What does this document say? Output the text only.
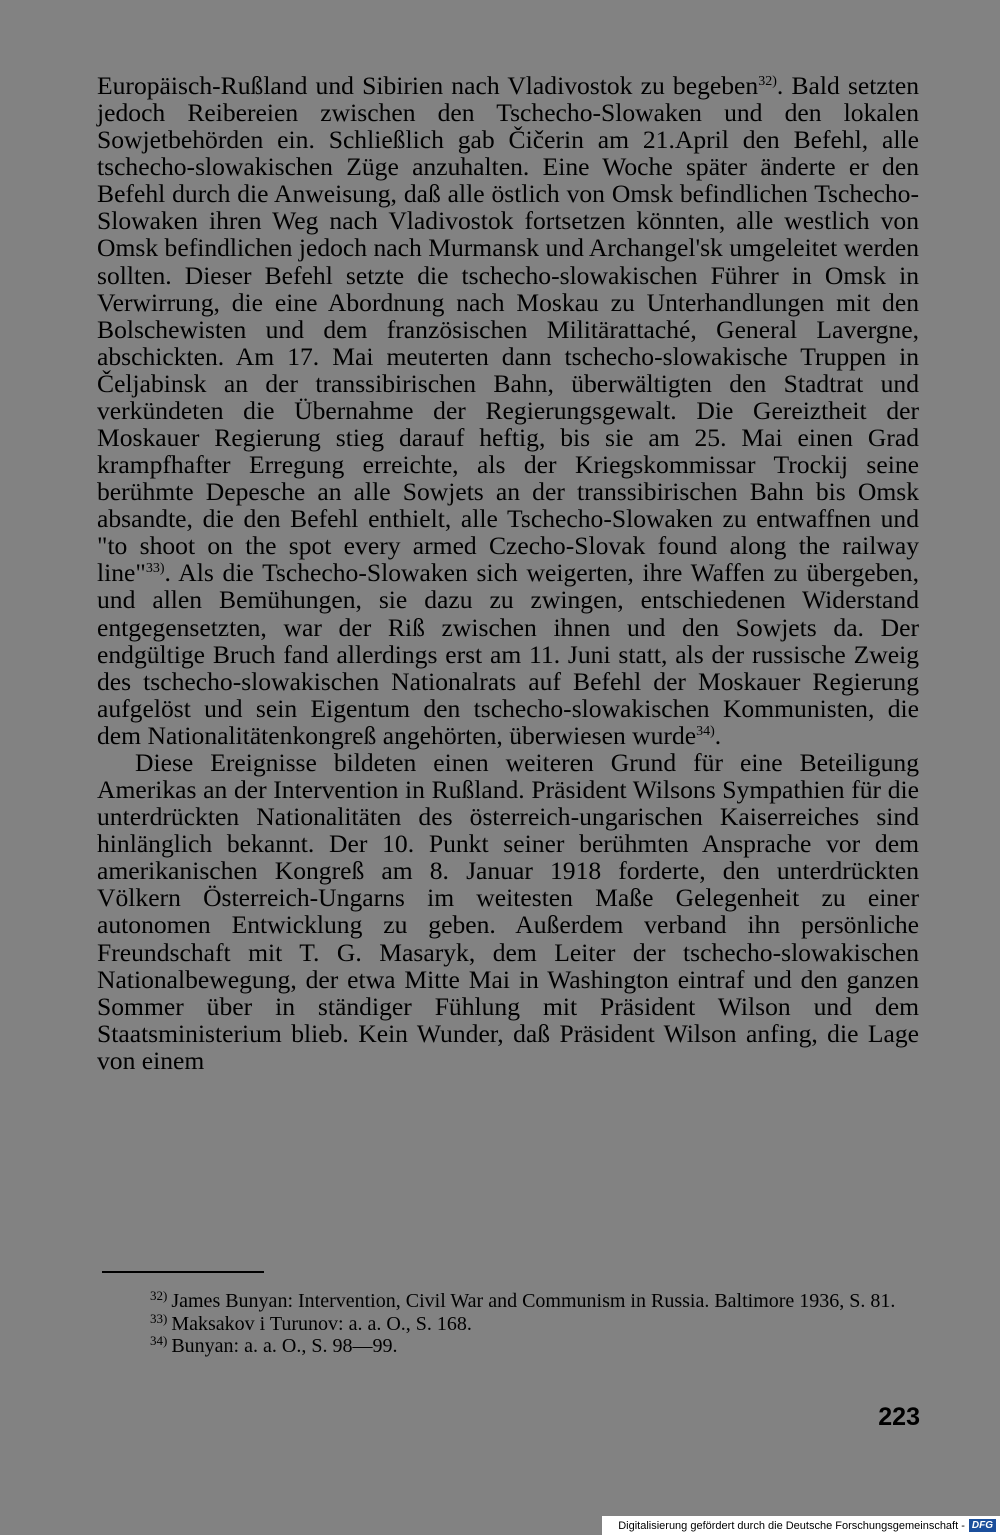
Europäisch-Rußland und Sibirien nach Vladivostok zu begeben$^{32)}$. Bald setzten jedoch Reibereien zwischen den Tschecho-Slowaken und den lokalen Sowjetbehörden ein. Schließlich gab Čičerin am 21.April den Befehl, alle tschecho-slowakischen Züge anzuhalten. Eine Woche später änderte er den Befehl durch die Anweisung, daß alle östlich von Omsk befindlichen Tschecho-Slowaken ihren Weg nach Vladivostok fortsetzen könnten, alle westlich von Omsk befindlichen jedoch nach Murmansk und Archangel'sk umgeleitet werden sollten. Dieser Befehl setzte die tschecho-slowakischen Führer in Omsk in Verwirrung, die eine Abordnung nach Moskau zu Unterhandlungen mit den Bolschewisten und dem französischen Militärattaché, General Lavergne, abschickten. Am 17. Mai meuterten dann tschecho-slowakische Truppen in Čeljabinsk an der transsibirischen Bahn, überwältigten den Stadtrat und verkündeten die Übernahme der Regierungsgewalt. Die Gereiztheit der Moskauer Regierung stieg darauf heftig, bis sie am 25. Mai einen Grad krampfhafter Erregung erreichte, als der Kriegskommissar Trockij seine berühmte Depesche an alle Sowjets an der transsibirischen Bahn bis Omsk absandte, die den Befehl enthielt, alle Tschecho-Slowaken zu entwaffnen und "to shoot on the spot every armed Czecho-Slovak found along the railway line"$^{33)}$. Als die Tschecho-Slowaken sich weigerten, ihre Waffen zu übergeben, und allen Bemühungen, sie dazu zu zwingen, entschiedenen Widerstand entgegensetzten, war der Riß zwischen ihnen und den Sowjets da. Der endgültige Bruch fand allerdings erst am 11. Juni statt, als der russische Zweig des tschecho-slowakischen Nationalrats auf Befehl der Moskauer Regierung aufgelöst und sein Eigentum den tschecho-slowakischen Kommunisten, die dem Nationalitätenkongreß angehörten, überwiesen wurde$^{34)}$.

Diese Ereignisse bildeten einen weiteren Grund für eine Beteiligung Amerikas an der Intervention in Rußland. Präsident Wilsons Sympathien für die unterdrückten Nationalitäten des österreich-ungarischen Kaiserreiches sind hinlänglich bekannt. Der 10. Punkt seiner berühmten Ansprache vor dem amerikanischen Kongreß am 8. Januar 1918 forderte, den unterdrückten Völkern Österreich-Ungarns im weitesten Maße Gelegenheit zu einer autonomen Entwicklung zu geben. Außerdem verband ihn persönliche Freundschaft mit T. G. Masaryk, dem Leiter der tschecho-slowakischen Nationalbewegung, der etwa Mitte Mai in Washington eintraf und den ganzen Sommer über in ständiger Fühlung mit Präsident Wilson und dem Staatsministerium blieb. Kein Wunder, daß Präsident Wilson anfing, die Lage von einem

$^{32)}$ James Bunyan: Intervention, Civil War and Communism in Russia. Baltimore 1936, S. 81.

$^{33)}$ Maksakov i Turunov: a. a. O., S. 168.

$^{34)}$ Bunyan: a. a. O., S. 98—99.

223
Digitalisierung gefördert durch die Deutsche Forschungsgemeinschaft - DFG
